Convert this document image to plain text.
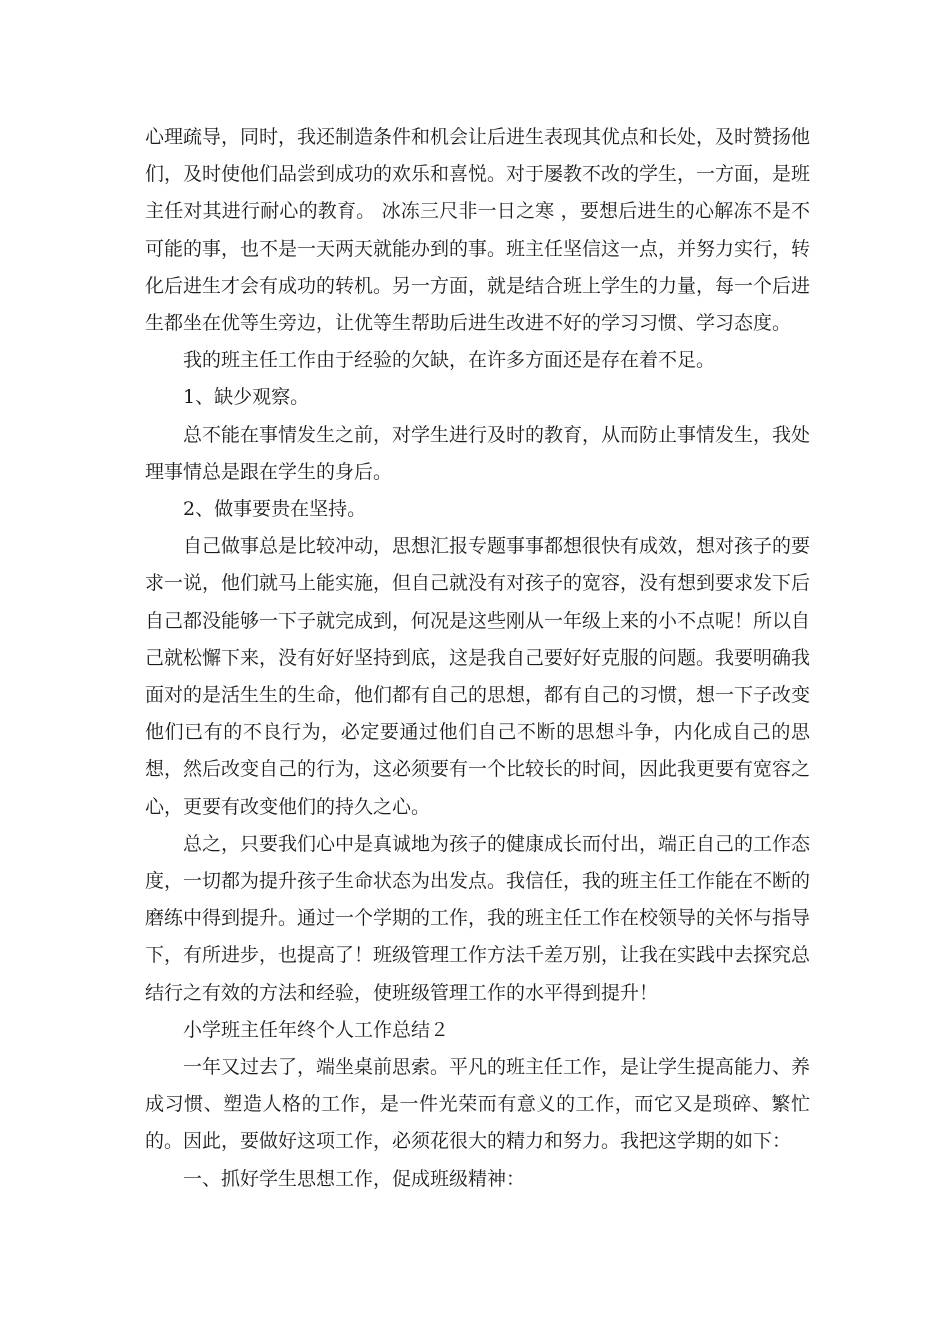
心理疏导，同时，我还制造条件和机会让后进生表现其优点和长处，及时赞扬他们，及时使他们品尝到成功的欢乐和喜悦。对于屡教不改的学生，一方面，是班主任对其进行耐心的教育。 冰冻三尺非一日之寒 ，要想后进生的心解冻不是不可能的事，也不是一天两天就能办到的事。班主任坚信这一点，并努力实行，转化后进生才会有成功的转机。另一方面，就是结合班上学生的力量，每一个后进生都坐在优等生旁边，让优等生帮助后进生改进不好的学习习惯、学习态度。

我的班主任工作由于经验的欠缺，在许多方面还是存在着不足。

1、缺少观察。

总不能在事情发生之前，对学生进行及时的教育，从而防止事情发生，我处理事情总是跟在学生的身后。

2、做事要贵在坚持。

自己做事总是比较冲动，思想汇报专题事事都想很快有成效，想对孩子的要求一说，他们就马上能实施，但自己就没有对孩子的宽容，没有想到要求发下后自己都没能够一下子就完成到，何况是这些刚从一年级上来的小不点呢！所以自己就松懈下来，没有好好坚持到底，这是我自己要好好克服的问题。我要明确我面对的是活生生的生命，他们都有自己的思想，都有自己的习惯，想一下子改变他们已有的不良行为，必定要通过他们自己不断的思想斗争，内化成自己的思想，然后改变自己的行为，这必须要有一个比较长的时间，因此我更要有宽容之心，更要有改变他们的持久之心。

总之，只要我们心中是真诚地为孩子的健康成长而付出，端正自己的工作态度，一切都为提升孩子生命状态为出发点。我信任，我的班主任工作能在不断的磨练中得到提升。通过一个学期的工作，我的班主任工作在校领导的关怀与指导下，有所进步，也提高了！班级管理工作方法千差万别，让我在实践中去探究总结行之有效的方法和经验，使班级管理工作的水平得到提升！

小学班主任年终个人工作总结２

一年又过去了，端坐桌前思索。平凡的班主任工作，是让学生提高能力、养成习惯、塑造人格的工作，是一件光荣而有意义的工作，而它又是琐碎、繁忙的。因此，要做好这项工作，必须花很大的精力和努力。我把这学期的如下：

一、抓好学生思想工作，促成班级精神：
